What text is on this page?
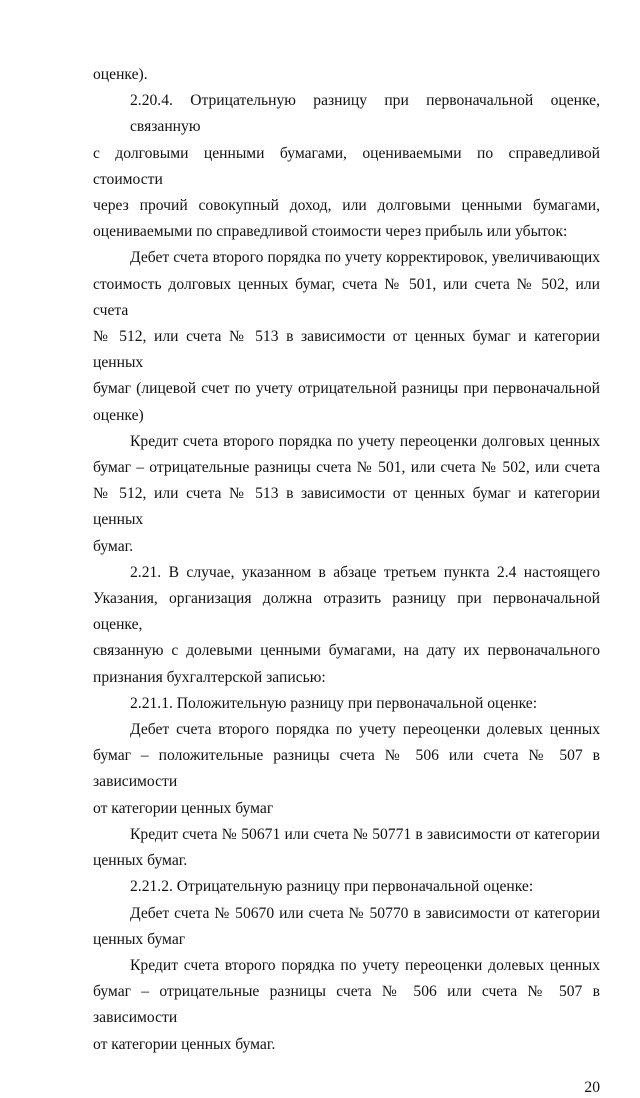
оценке).
2.20.4. Отрицательную разницу при первоначальной оценке, связанную
с долговыми ценными бумагами, оцениваемыми по справедливой стоимости
через прочий совокупный доход, или долговыми ценными бумагами,
оцениваемыми по справедливой стоимости через прибыль или убыток:
Дебет счета второго порядка по учету корректировок, увеличивающих
стоимость долговых ценных бумаг, счета № 501, или счета № 502, или счета
№ 512, или счета № 513 в зависимости от ценных бумаг и категории ценных
бумаг (лицевой счет по учету отрицательной разницы при первоначальной
оценке)
Кредит счета второго порядка по учету переоценки долговых ценных
бумаг – отрицательные разницы счета № 501, или счета № 502, или счета
№ 512, или счета № 513 в зависимости от ценных бумаг и категории ценных
бумаг.
2.21. В случае, указанном в абзаце третьем пункта 2.4 настоящего
Указания, организация должна отразить разницу при первоначальной оценке,
связанную с долевыми ценными бумагами, на дату их первоначального
признания бухгалтерской записью:
2.21.1. Положительную разницу при первоначальной оценке:
Дебет счета второго порядка по учету переоценки долевых ценных
бумаг – положительные разницы счета № 506 или счета № 507 в зависимости
от категории ценных бумаг
Кредит счета № 50671 или счета № 50771 в зависимости от категории
ценных бумаг.
2.21.2. Отрицательную разницу при первоначальной оценке:
Дебет счета № 50670 или счета № 50770 в зависимости от категории
ценных бумаг
Кредит счета второго порядка по учету переоценки долевых ценных
бумаг – отрицательные разницы счета № 506 или счета № 507 в зависимости
от категории ценных бумаг.
20
